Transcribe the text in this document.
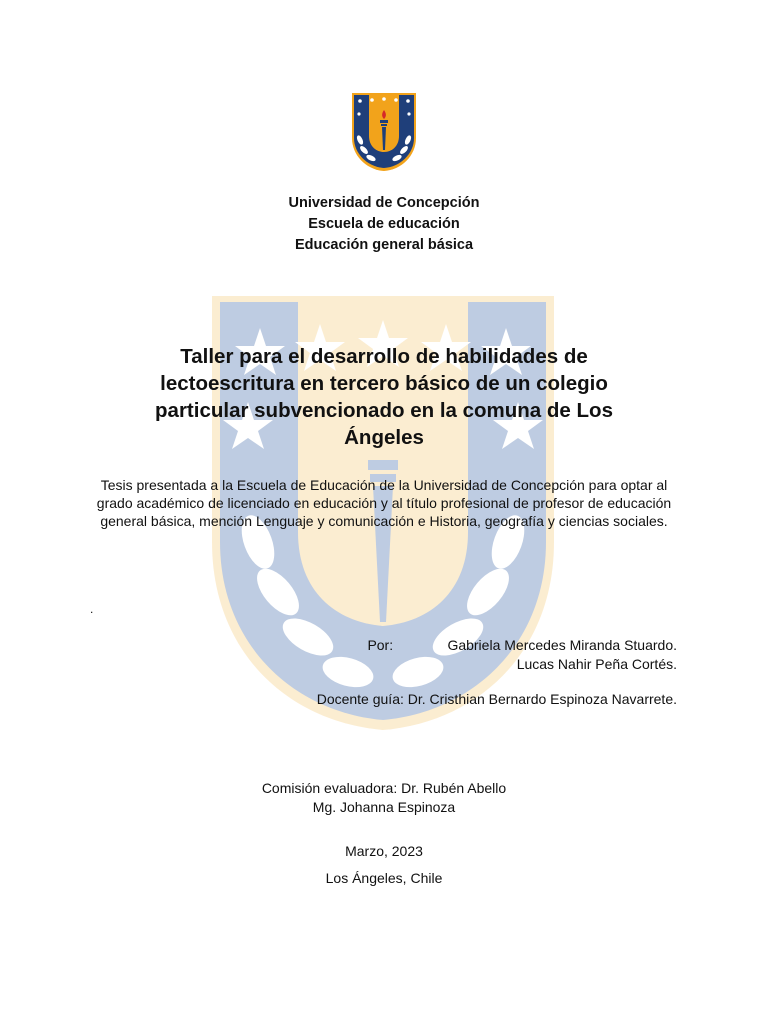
Universidad de Concepción
Escuela de educación
Educación general básica
Taller para el desarrollo de habilidades de lectoescritura en tercero básico de un colegio particular subvencionado en la comuna de Los Ángeles
Tesis presentada a la Escuela de Educación de la Universidad de Concepción para optar al grado académico de licenciado en educación y al título profesional de profesor de educación general básica, mención Lenguaje y comunicación e Historia, geografía y ciencias sociales.
.
Por:	Gabriela Mercedes Miranda Stuardo.
Lucas Nahir Peña Cortés.
Docente guía: Dr. Cristhian Bernardo Espinoza Navarrete.
Comisión evaluadora: Dr. Rubén Abello
Mg. Johanna Espinoza
Marzo, 2023
Los Ángeles, Chile
